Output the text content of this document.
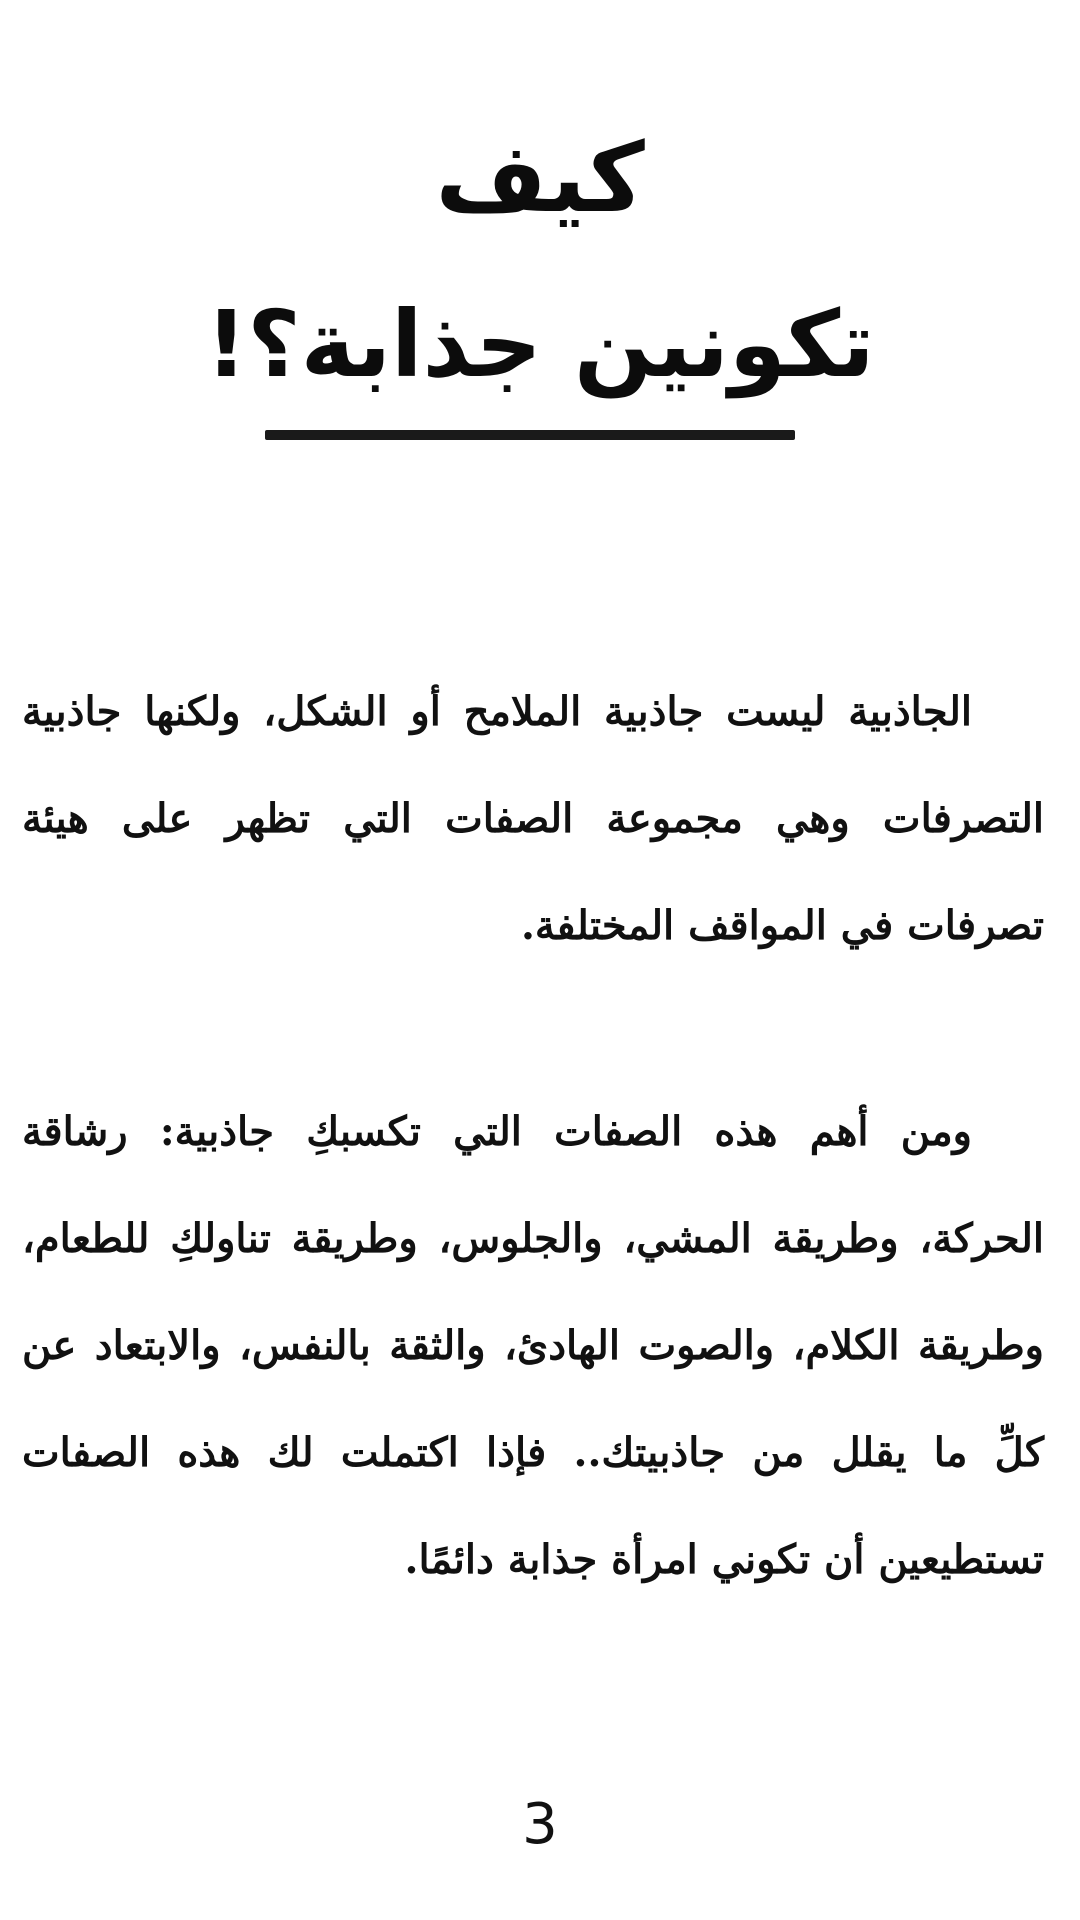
كيف
تكونين جذابة؟!

الجاذبية ليست جاذبية الملامح أو الشكل، ولكنها جاذبية التصرفات وهي مجموعة الصفات التي تظهر على هيئة تصرفات في المواقف المختلفة.

ومن أهم هذه الصفات التي تكسبكِ جاذبية: رشاقة الحركة، وطريقة المشي، والجلوس، وطريقة تناولكِ للطعام، وطريقة الكلام، والصوت الهادئ، والثقة بالنفس، والابتعاد عن كلِّ ما يقلل من جاذبيتك.. فإذا اكتملت لك هذه الصفات تستطيعين أن تكوني امرأة جذابة دائمًا.

3
